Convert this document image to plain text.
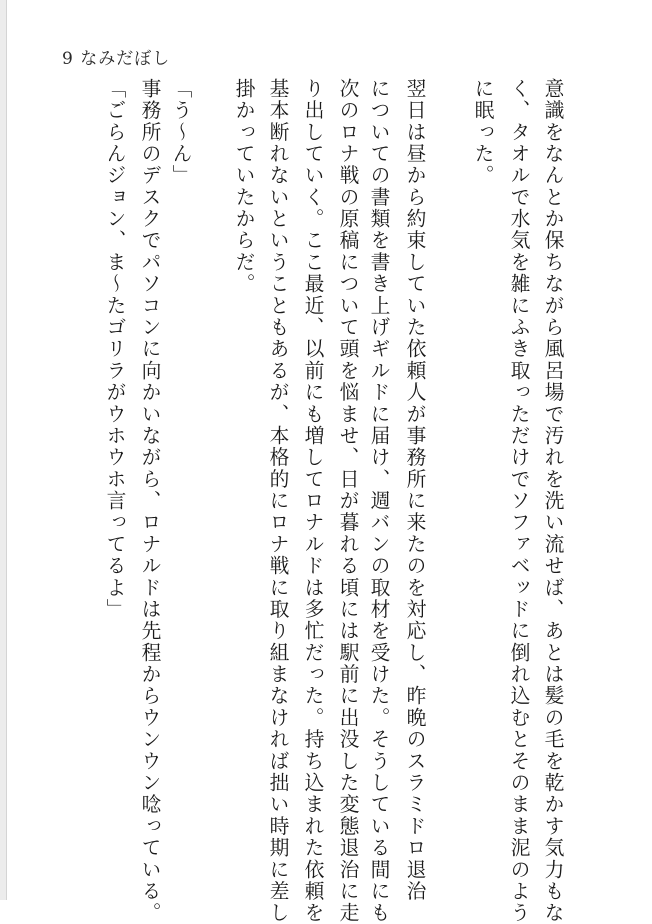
9 なみだぼし
意識をなんとか保ちながら風呂場で汚れを洗い流せば、あとは髪の毛を乾かす気力もな
く、タオルで水気を雑にふき取っただけでソファベッドに倒れ込むとそのまま泥のよう
に眠った。
翌日は昼から約束していた依頼人が事務所に来たのを対応し、昨晩のスラミドロ退治
についての書類を書き上げギルドに届け、週バンの取材を受けた。そうしている間にも
次のロナ戦の原稿について頭を悩ませ、日が暮れる頃には駅前に出没した変態退治に走
り出していく。ここ最近、以前にも増してロナルドは多忙だった。持ち込まれた依頼を
基本断れないということもあるが、本格的にロナ戦に取り組まなければ拙い時期に差し
掛かっていたからだ。
「う〜ん」
事務所のデスクでパソコンに向かいながら、ロナルドは先程からウンウン唸っている。
「ごらんジョン、ま〜たゴリラがウホウホ言ってるよ」
